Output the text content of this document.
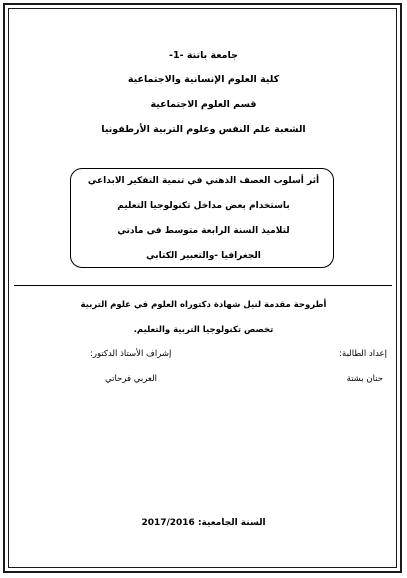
جامعة باتنة -1-
كلية العلوم الإنسانية والاجتماعية
قسم العلوم الاجتماعية
الشعبة علم النفس وعلوم التربية الأرطفونيا
أثر أسلوب العصف الذهني في تنمية التفكير الابداعي
باستخدام بعض مداخل تكنولوجيا التعليم
لتلاميذ السنة الرابعة متوسط في مادتي
الجغرافيا -والتعبير الكتابي
أطروحة مقدمة لنيل شهادة دكتوراه العلوم في علوم التربية
تخصص تكنولوجيا التربية والتعليم.
إعداد الطالبة:
إشراف الأستاذ الدكتور:
حنان بشتة
العربي فرحاتي
السنة الجامعية: 2017/2016
